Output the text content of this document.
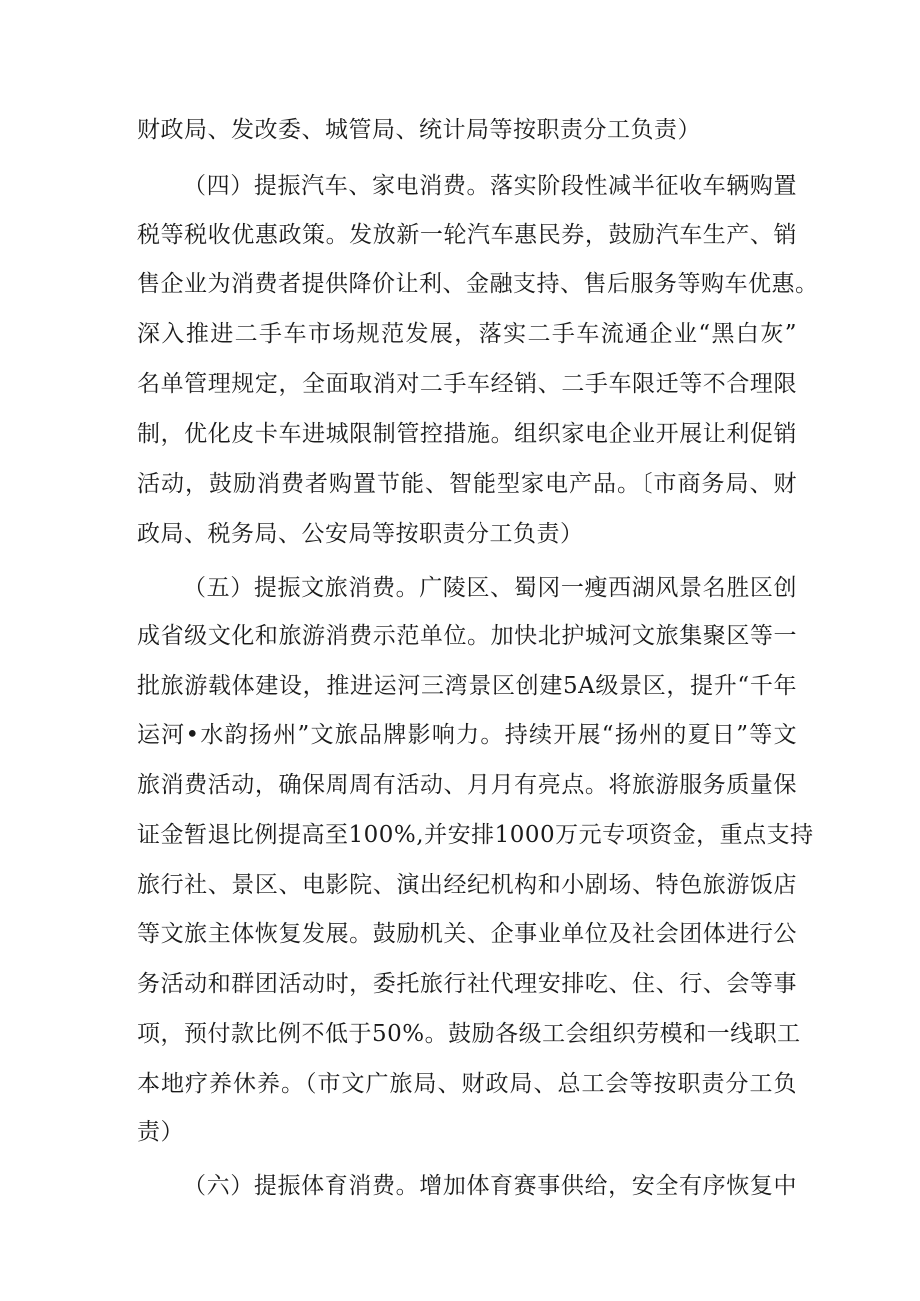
财政局、发改委、城管局、统计局等按职责分工负责）
（四）提振汽车、家电消费。落实阶段性减半征收车辆购置
税等税收优惠政策。发放新一轮汽车惠民券，鼓励汽车生产、销
售企业为消费者提供降价让利、金融支持、售后服务等购车优惠。
深入推进二手车市场规范发展，落实二手车流通企业“黑白灰”
名单管理规定，全面取消对二手车经销、二手车限迁等不合理限
制，优化皮卡车进城限制管控措施。组织家电企业开展让利促销
活动，鼓励消费者购置节能、智能型家电产品。〔市商务局、财
政局、税务局、公安局等按职责分工负责）
（五）提振文旅消费。广陵区、蜀冈一瘦西湖风景名胜区创
成省级文化和旅游消费示范单位。加快北护城河文旅集聚区等一
批旅游载体建设，推进运河三湾景区创建5A级景区，提升“千年
运河•水韵扬州”文旅品牌影响力。持续开展“扬州的夏日”等文
旅消费活动，确保周周有活动、月月有亮点。将旅游服务质量保
证金暂退比例提高至100%,并安排1000万元专项资金，重点支持
旅行社、景区、电影院、演出经纪机构和小剧场、特色旅游饭店
等文旅主体恢复发展。鼓励机关、企事业单位及社会团体进行公
务活动和群团活动时，委托旅行社代理安排吃、住、行、会等事
项，预付款比例不低于50%。鼓励各级工会组织劳模和一线职工
本地疗养休养。（市文广旅局、财政局、总工会等按职责分工负
责）
（六）提振体育消费。增加体育赛事供给，安全有序恢复中
